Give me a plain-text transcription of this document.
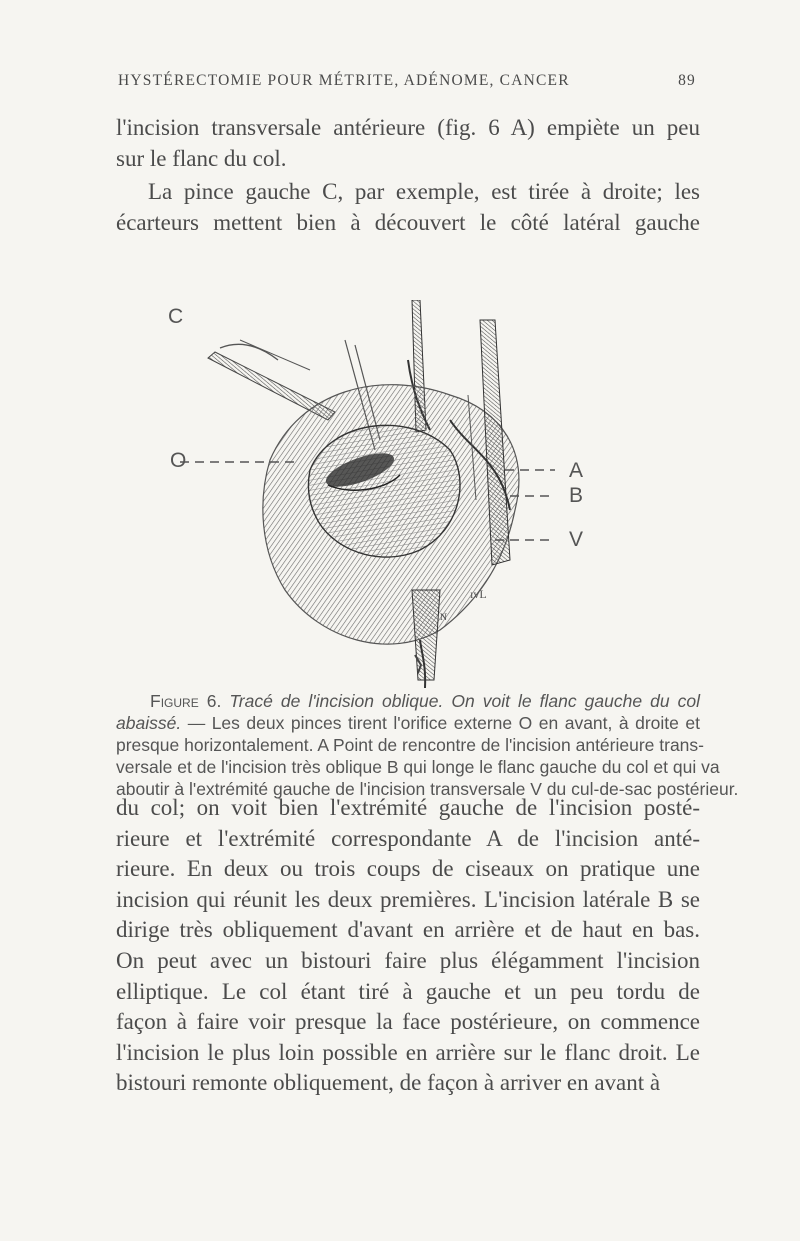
HYSTÉRECTOMIE POUR MÉTRITE, ADÉNOME, CANCER	89
l'incision transversale antérieure (fig. 6 A) empiète un peu
sur le flanc du col.
La pince gauche C, par exemple, est tirée à droite; les
écarteurs mettent bien à découvert le côté latéral gauche
ɴ
ıvL
C
O	A
B
V
Figure 6. Tracé de l'incision oblique. On voit le flanc gauche du col
abaissé. — Les deux pinces tirent l'orifice externe O en avant, à droite et
presque horizontalement. A Point de rencontre de l'incision antérieure trans-
versale et de l'incision très oblique B qui longe le flanc gauche du col et qui va
aboutir à l'extrémité gauche de l'incision transversale V du cul-de-sac postérieur.
du col; on voit bien l'extrémité gauche de l'incision posté-
rieure et l'extrémité correspondante A de l'incision anté-
rieure. En deux ou trois coups de ciseaux on pratique une
incision qui réunit les deux premières. L'incision latérale B se
dirige très obliquement d'avant en arrière et de haut en bas.
On peut avec un bistouri faire plus élégamment l'incision
elliptique. Le col étant tiré à gauche et un peu tordu de
façon à faire voir presque la face postérieure, on commence
l'incision le plus loin possible en arrière sur le flanc droit. Le
bistouri remonte obliquement, de façon à arriver en avant à
